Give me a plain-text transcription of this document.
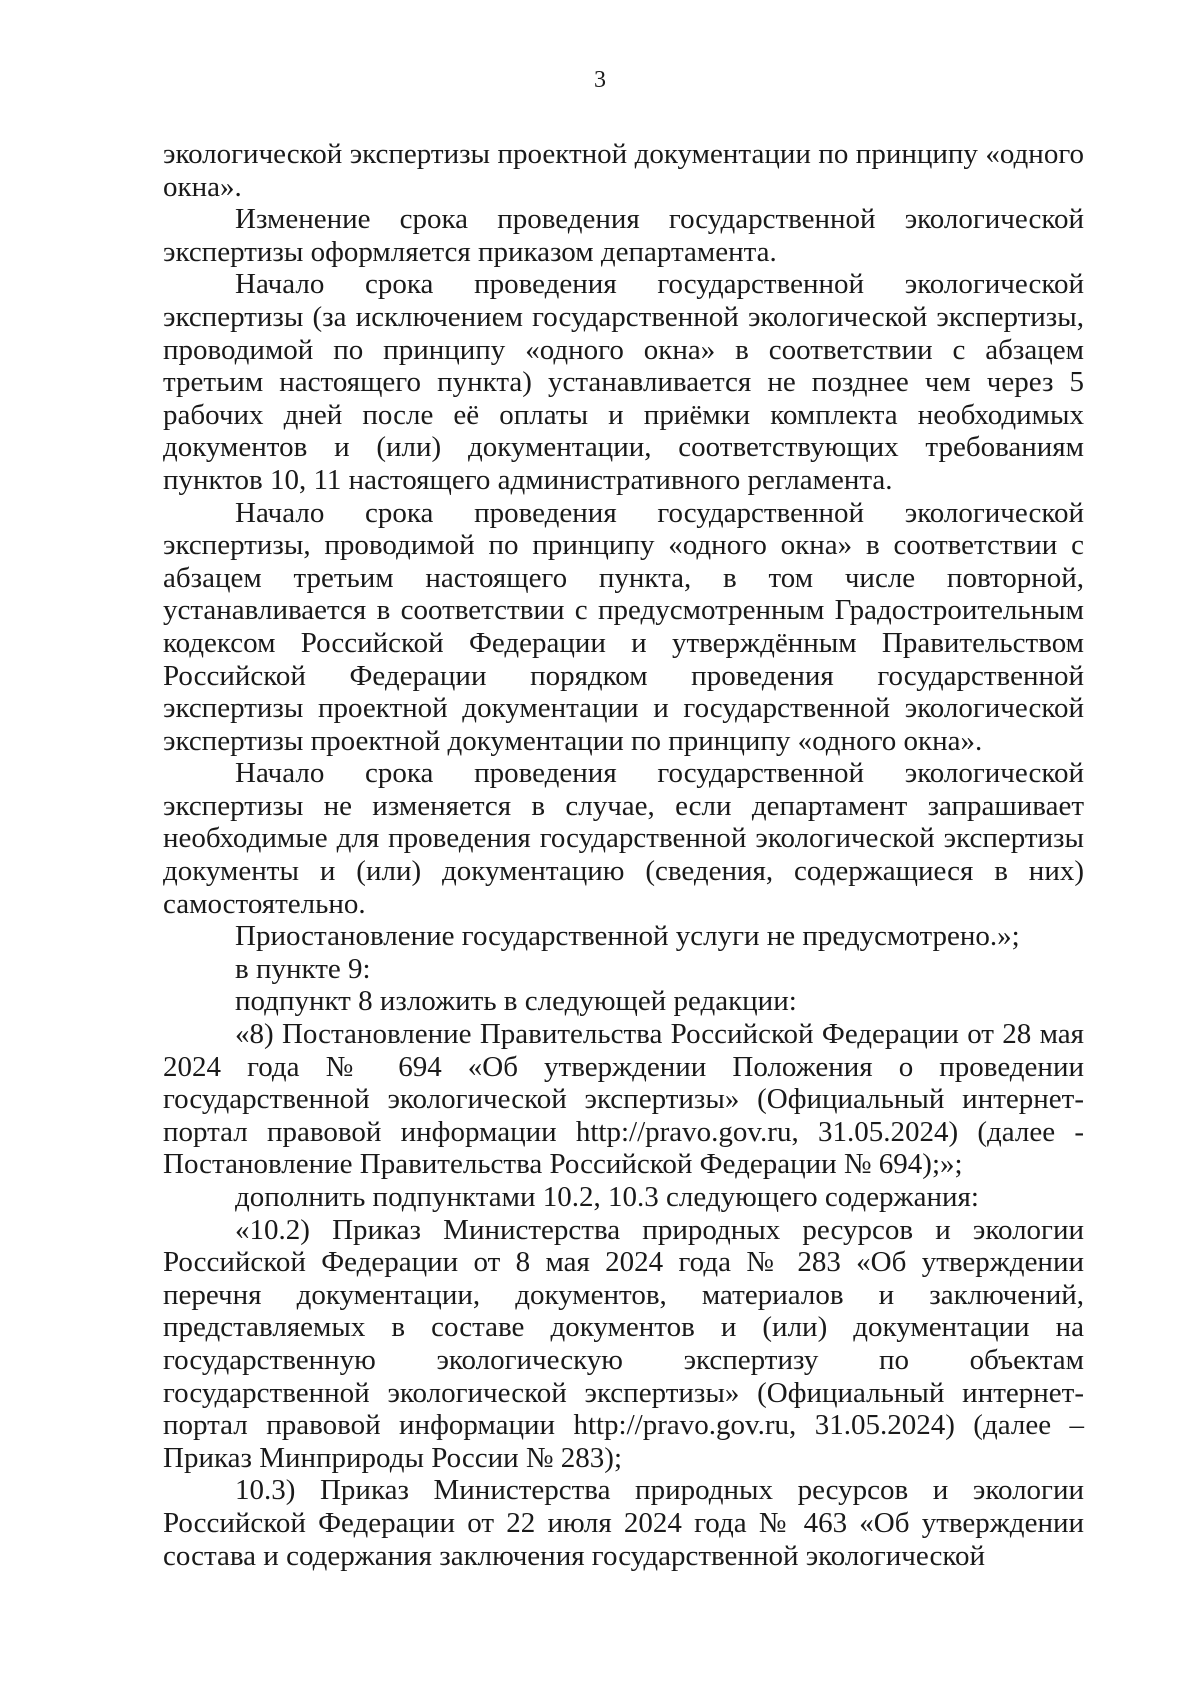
3

экологической экспертизы проектной документации по принципу «одного окна».

Изменение срока проведения государственной экологической экспертизы оформляется приказом департамента.

Начало срока проведения государственной экологической экспертизы (за исключением государственной экологической экспертизы, проводимой по принципу «одного окна» в соответствии с абзацем третьим настоящего пункта) устанавливается не позднее чем через 5 рабочих дней после её оплаты и приёмки комплекта необходимых документов и (или) документации, соответствующих требованиям пунктов 10, 11 настоящего административного регламента.

Начало срока проведения государственной экологической экспертизы, проводимой по принципу «одного окна» в соответствии с абзацем третьим настоящего пункта, в том числе повторной, устанавливается в соответствии с предусмотренным Градостроительным кодексом Российской Федерации и утверждённым Правительством Российской Федерации порядком проведения государственной экспертизы проектной документации и государственной экологической экспертизы проектной документации по принципу «одного окна».

Начало срока проведения государственной экологической экспертизы не изменяется в случае, если департамент запрашивает необходимые для проведения государственной экологической экспертизы документы и (или) документацию (сведения, содержащиеся в них) самостоятельно.

Приостановление государственной услуги не предусмотрено.»;

в пункте 9:

подпункт 8 изложить в следующей редакции:

«8) Постановление Правительства Российской Федерации от 28 мая 2024 года № 694 «Об утверждении Положения о проведении государственной экологической экспертизы» (Официальный интернет-портал правовой информации http://pravo.gov.ru, 31.05.2024) (далее - Постановление Правительства Российской Федерации № 694);»;

дополнить подпунктами 10.2, 10.3 следующего содержания:

«10.2) Приказ Министерства природных ресурсов и экологии Российской Федерации от 8 мая 2024 года № 283 «Об утверждении перечня документации, документов, материалов и заключений, представляемых в составе документов и (или) документации на государственную экологическую экспертизу по объектам государственной экологической экспертизы» (Официальный интернет-портал правовой информации http://pravo.gov.ru, 31.05.2024) (далее – Приказ Минприроды России № 283);

10.3) Приказ Министерства природных ресурсов и экологии Российской Федерации от 22 июля 2024 года № 463 «Об утверждении состава и содержания заключения государственной экологической
